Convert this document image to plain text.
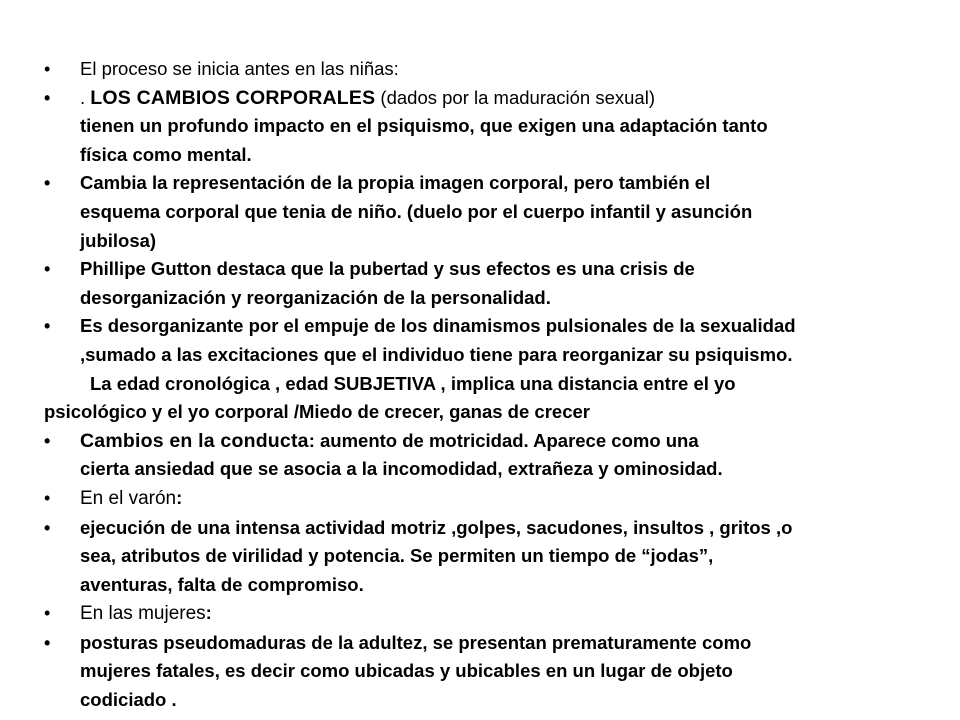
• El proceso se inicia antes en las niñas:
• . LOS CAMBIOS CORPORALES (dados por la maduración sexual)
tienen un profundo impacto en el psiquismo, que exigen una adaptación tanto
física como mental.
• Cambia la representación de la propia imagen corporal, pero también el
esquema corporal que tenia de niño. (duelo por el cuerpo infantil y asunción
jubilosa)
• Phillipe Gutton destaca que la pubertad y sus efectos es una crisis de
desorganización y reorganización de la personalidad.
• Es desorganizante por el empuje de los dinamismos pulsionales de la sexualidad
,sumado a las excitaciones que el individuo tiene para reorganizar su psiquismo.
La edad cronológica , edad SUBJETIVA , implica una distancia entre el yo
psicológico y el yo corporal /Miedo de crecer, ganas de crecer
• Cambios en la conducta: aumento de motricidad. Aparece como una
cierta ansiedad que se asocia a la incomodidad, extrañeza y ominosidad.
• En el varón:
• ejecución de una intensa actividad motriz ,golpes, sacudones, insultos , gritos ,o
sea, atributos de virilidad y potencia. Se permiten un tiempo de “jodas”,
aventuras, falta de compromiso.
• En las mujeres:
• posturas pseudomaduras de la adultez, se presentan prematuramente como
mujeres fatales, es decir como ubicadas y ubicables en un lugar de objeto
codiciado .
